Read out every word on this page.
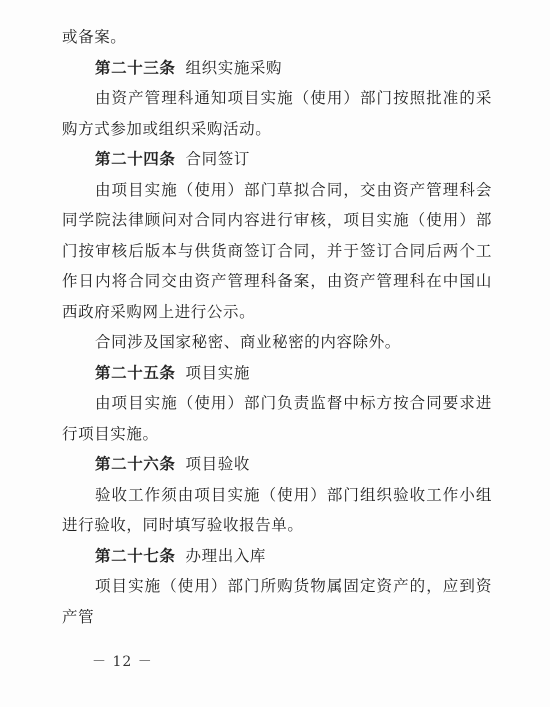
或备案。

第二十三条 组织实施采购

由资产管理科通知项目实施（使用）部门按照批准的采购方式参加或组织采购活动。

第二十四条 合同签订

由项目实施（使用）部门草拟合同，交由资产管理科会同学院法律顾问对合同内容进行审核，项目实施（使用）部门按审核后版本与供货商签订合同，并于签订合同后两个工作日内将合同交由资产管理科备案，由资产管理科在中国山西政府采购网上进行公示。

合同涉及国家秘密、商业秘密的内容除外。

第二十五条 项目实施

由项目实施（使用）部门负责监督中标方按合同要求进行项目实施。

第二十六条 项目验收

验收工作须由项目实施（使用）部门组织验收工作小组进行验收，同时填写验收报告单。

第二十七条 办理出入库

项目实施（使用）部门所购货物属固定资产的，应到资产管

－ 12 －
